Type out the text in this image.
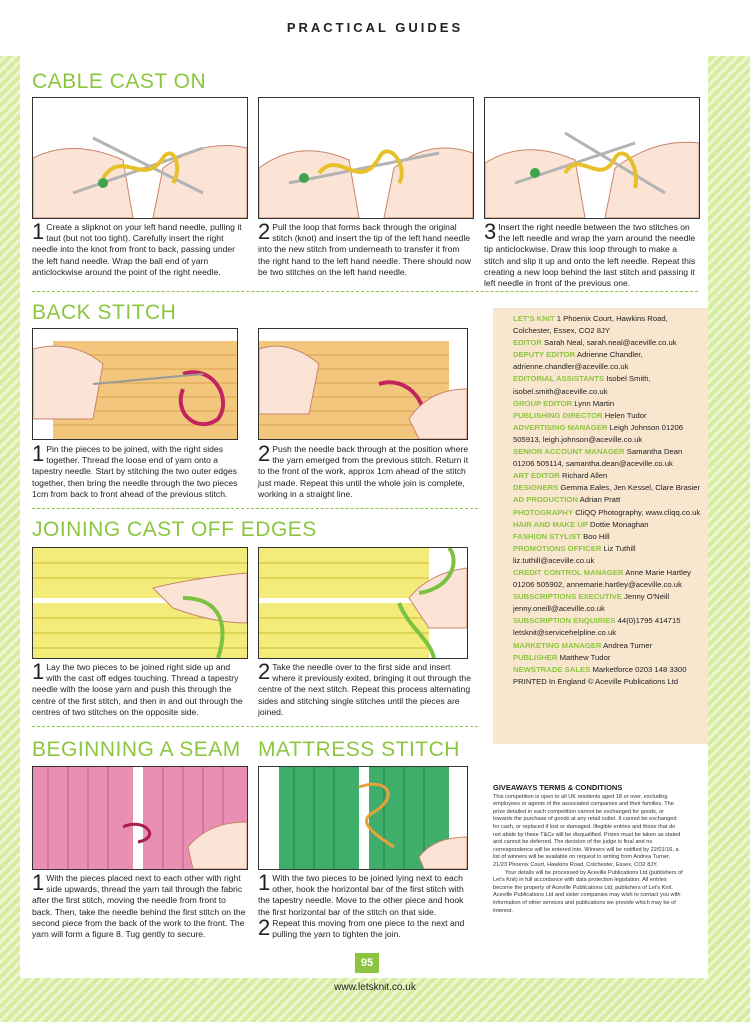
PRACTICAL GUIDES
CABLE CAST ON
1 Create a slipknot on your left hand needle, pulling it taut (but not too tight). Carefully insert the right needle into the knot from front to back, passing under the left hand needle. Wrap the ball end of yarn anticlockwise around the point of the right needle.
2 Pull the loop that forms back through the original stitch (knot) and insert the tip of the left hand needle into the new stitch from underneath to transfer it from the right hand to the left hand needle. There should now be two stitches on the left hand needle.
3 Insert the right needle between the two stitches on the left needle and wrap the yarn around the needle tip anticlockwise. Draw this loop through to make a stitch and slip it up and onto the left needle. Repeat this creating a new loop behind the last stitch and passing it left needle in front of the previous one.
BACK STITCH
1 Pin the pieces to be joined, with the right sides together. Thread the loose end of yarn onto a tapestry needle. Start by stitching the two outer edges together, then bring the needle through the two pieces 1cm from back to front ahead of the previous stitch.
2 Push the needle back through at the position where the yarn emerged from the previous stitch. Return it to the front of the work, approx 1cm ahead of the stitch just made. Repeat this until the whole join is complete, working in a straight line.
JOINING CAST OFF EDGES
1 Lay the two pieces to be joined right side up and with the cast off edges touching. Thread a tapestry needle with the loose yarn and push this through the centre of the first stitch, and then in and out through the centres of two stitches on the opposite side.
2 Take the needle over to the first side and insert where it previously exited, bringing it out through the centre of the next stitch. Repeat this process alternating sides and stitching single stitches until the pieces are joined.
BEGINNING A SEAM MATTRESS STITCH
1 With the pieces placed next to each other with right side upwards, thread the yarn tail through the fabric after the first stitch, moving the needle from front to back. Then, take the needle behind the first stitch on the second piece from the back of the work to the front. The yarn will form a figure 8. Tug gently to secure.
1 With the two pieces to be joined lying next to each other, hook the horizontal bar of the first stitch with the tapestry needle. Move to the other piece and hook the first horizontal bar of the stitch on that side.
2 Repeat this moving from one piece to the next and pulling the yarn to tighten the join.

LET'S KNIT 1 Phoenix Court, Hawkins Road, Colchester, Essex, CO2 8JY

EDITOR Sarah Neal, sarah.neal@aceville.co.uk

DEPUTY EDITOR Adrienne Chandler, adrienne.chandler@aceville.co.uk

EDITORIAL ASSISTANTS Isobel Smith, isobel.smith@aceville.co.uk

GROUP EDITOR Lynn Martin

PUBLISHING DIRECTOR Helen Tudor

ADVERTISING MANAGER Leigh Johnson 01206 505913, leigh.johnson@aceville.co.uk

SENIOR ACCOUNT MANAGER Samantha Dean 01206 505114, samantha.dean@aceville.co.uk

ART EDITOR Richard Allen

DESIGNERS Gemma Eales, Jen Kessel, Clare Brasier

AD PRODUCTION Adrian Pratt

PHOTOGRAPHY CliQQ Photography, www.cliqq.co.uk

HAIR AND MAKE UP Dottie Monaghan

FASHION STYLIST Boo Hill

PROMOTIONS OFFICER Liz Tuthill liz.tuthill@aceville.co.uk

CREDIT CONTROL MANAGER Anne Marie Hartley 01206 505902, annemarie.hartley@aceville.co.uk

SUBSCRIPTIONS EXECUTIVE Jenny O'Neill jenny.oneill@aceville.co.uk

SUBSCRIPTION ENQUIRIES 44(0)1795 414715 letsknit@servicehelpline.co.uk

MARKETING MANAGER Andrea Turner

PUBLISHER Matthew Tudor

NEWSTRADE SALES Marketforce 0203 148 3300 PRINTED In England © Aceville Publications Ltd

GIVEAWAYS TERMS & CONDITIONS

This competition is open to all UK residents aged 18 or over, excluding employees or agents of the associated companies and their families. The prize detailed in each competition cannot be exchanged for goods, or towards the purchase of goods at any retail outlet. It cannot be exchanged for cash, or replaced if lost or damaged. Illegible entries and those that do not abide by these T&Cs will be disqualified. Prizes must be taken as stated and cannot be deferred. The decision of the judge is final and no correspondence will be entered into. Winners will be notified by 22/01/16, a list of winners will be available on request in writing from Andrea Turner, 21/23 Phoenix Court, Hawkins Road, Colchester, Essex, CO2 8JY.

Your details will be processed by Aceville Publications Ltd (publishers of Let's Knit) in full accordance with data protection legislation. All entries become the property of Aceville Publications Ltd, publishers of Let's Knit. Aceville Publications Ltd and sister companies may wish to contact you with information of other services and publications we provide which may be of interest.

95
www.letsknit.co.uk
